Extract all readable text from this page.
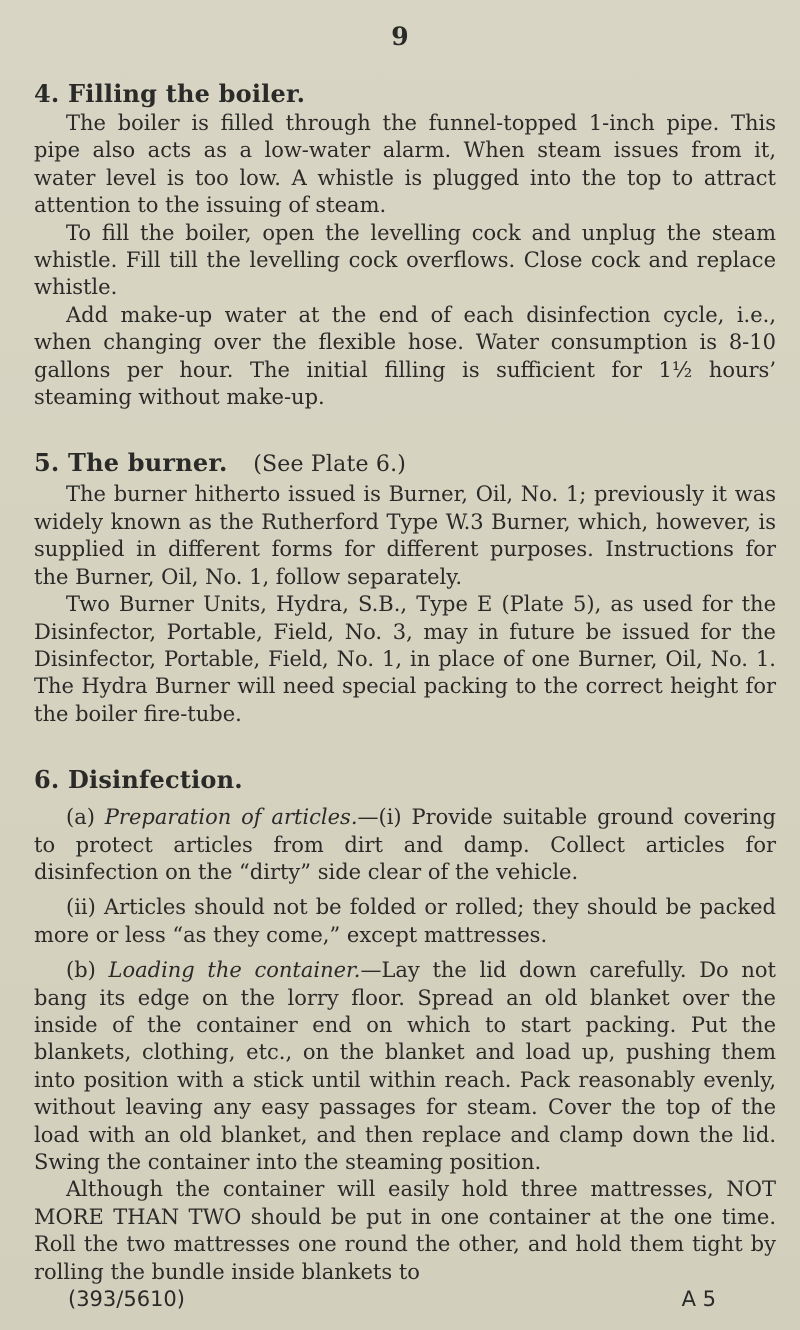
9
4. Filling the boiler.

The boiler is filled through the funnel-topped 1-inch pipe. This pipe also acts as a low-water alarm. When steam issues from it, water level is too low. A whistle is plugged into the top to attract attention to the issuing of steam.

To fill the boiler, open the levelling cock and unplug the steam whistle. Fill till the levelling cock overflows. Close cock and replace whistle.

Add make-up water at the end of each disinfection cycle, i.e., when changing over the flexible hose. Water consumption is 8-10 gallons per hour. The initial filling is sufficient for 1½ hours’ steaming without make-up.

5. The burner. (See Plate 6.)

The burner hitherto issued is Burner, Oil, No. 1; previously it was widely known as the Rutherford Type W.3 Burner, which, however, is supplied in different forms for different purposes. Instructions for the Burner, Oil, No. 1, follow separately.

Two Burner Units, Hydra, S.B., Type E (Plate 5), as used for the Disinfector, Portable, Field, No. 3, may in future be issued for the Disinfector, Portable, Field, No. 1, in place of one Burner, Oil, No. 1. The Hydra Burner will need special packing to the correct height for the boiler fire-tube.

6. Disinfection.

(a) Preparation of articles.—(i) Provide suitable ground covering to protect articles from dirt and damp. Collect articles for disinfection on the “dirty” side clear of the vehicle.

(ii) Articles should not be folded or rolled; they should be packed more or less “as they come,” except mattresses.

(b) Loading the container.—Lay the lid down carefully. Do not bang its edge on the lorry floor. Spread an old blanket over the inside of the container end on which to start packing. Put the blankets, clothing, etc., on the blanket and load up, pushing them into position with a stick until within reach. Pack reasonably evenly, without leaving any easy passages for steam. Cover the top of the load with an old blanket, and then replace and clamp down the lid. Swing the container into the steaming position.

Although the container will easily hold three mattresses, NOT MORE THAN TWO should be put in one container at the one time. Roll the two mattresses one round the other, and hold them tight by rolling the bundle inside blankets to

(393/5610)	A 5
